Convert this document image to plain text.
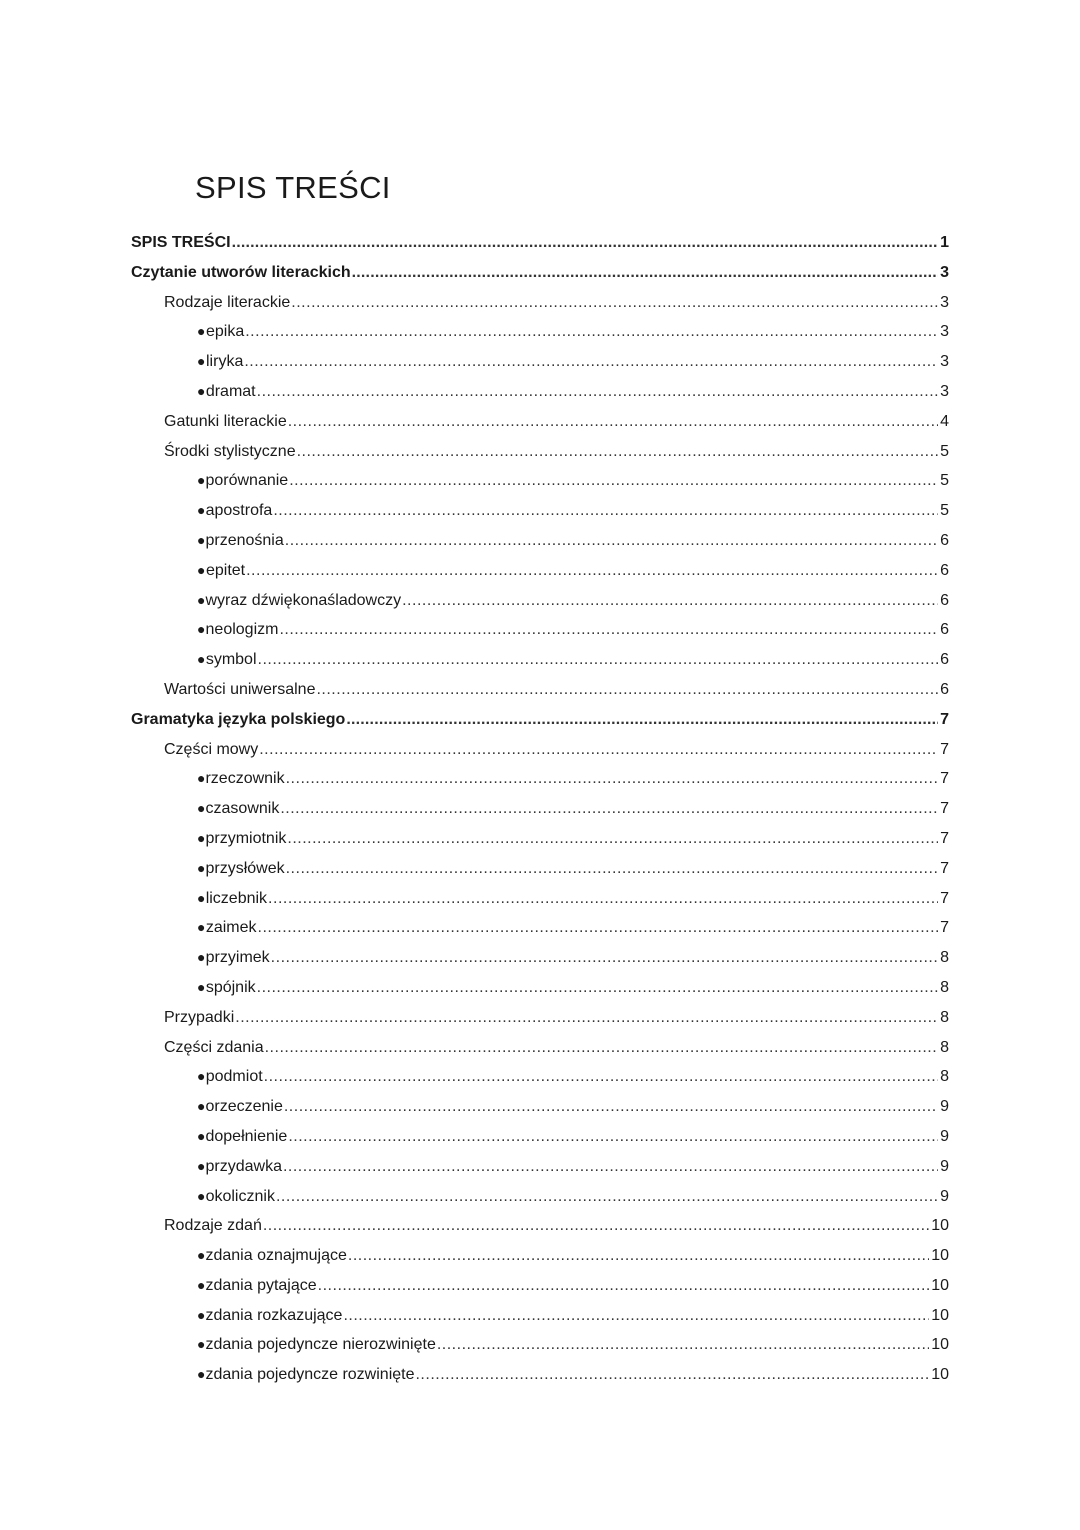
SPIS TREŚCI
SPIS TREŚCI .....	1
Czytanie utworów literackich .....	3
Rodzaje literackie .....	3
● epika .....	3
● liryka .....	3
● dramat .....	3
Gatunki literackie .....	4
Środki stylistyczne .....	5
● porównanie .....	5
● apostrofa .....	5
● przenośnia .....	6
● epitet .....	6
● wyraz dźwiękonaśladowczy .....	6
● neologizm .....	6
● symbol .....	6
Wartości uniwersalne .....	6
Gramatyka języka polskiego .....	7
Części mowy .....	7
● rzeczownik .....	7
● czasownik .....	7
● przymiotnik .....	7
● przysłówek .....	7
● liczebnik .....	7
● zaimek .....	7
● przyimek .....	8
● spójnik .....	8
Przypadki .....	8
Części zdania .....	8
● podmiot .....	8
● orzeczenie .....	9
● dopełnienie .....	9
● przydawka .....	9
● okolicznik .....	9
Rodzaje zdań .....	10
● zdania oznajmujące .....	10
● zdania pytające .....	10
● zdania rozkazujące .....	10
● zdania pojedyncze nierozwinięte .....	10
● zdania pojedyncze rozwinięte .....	10
